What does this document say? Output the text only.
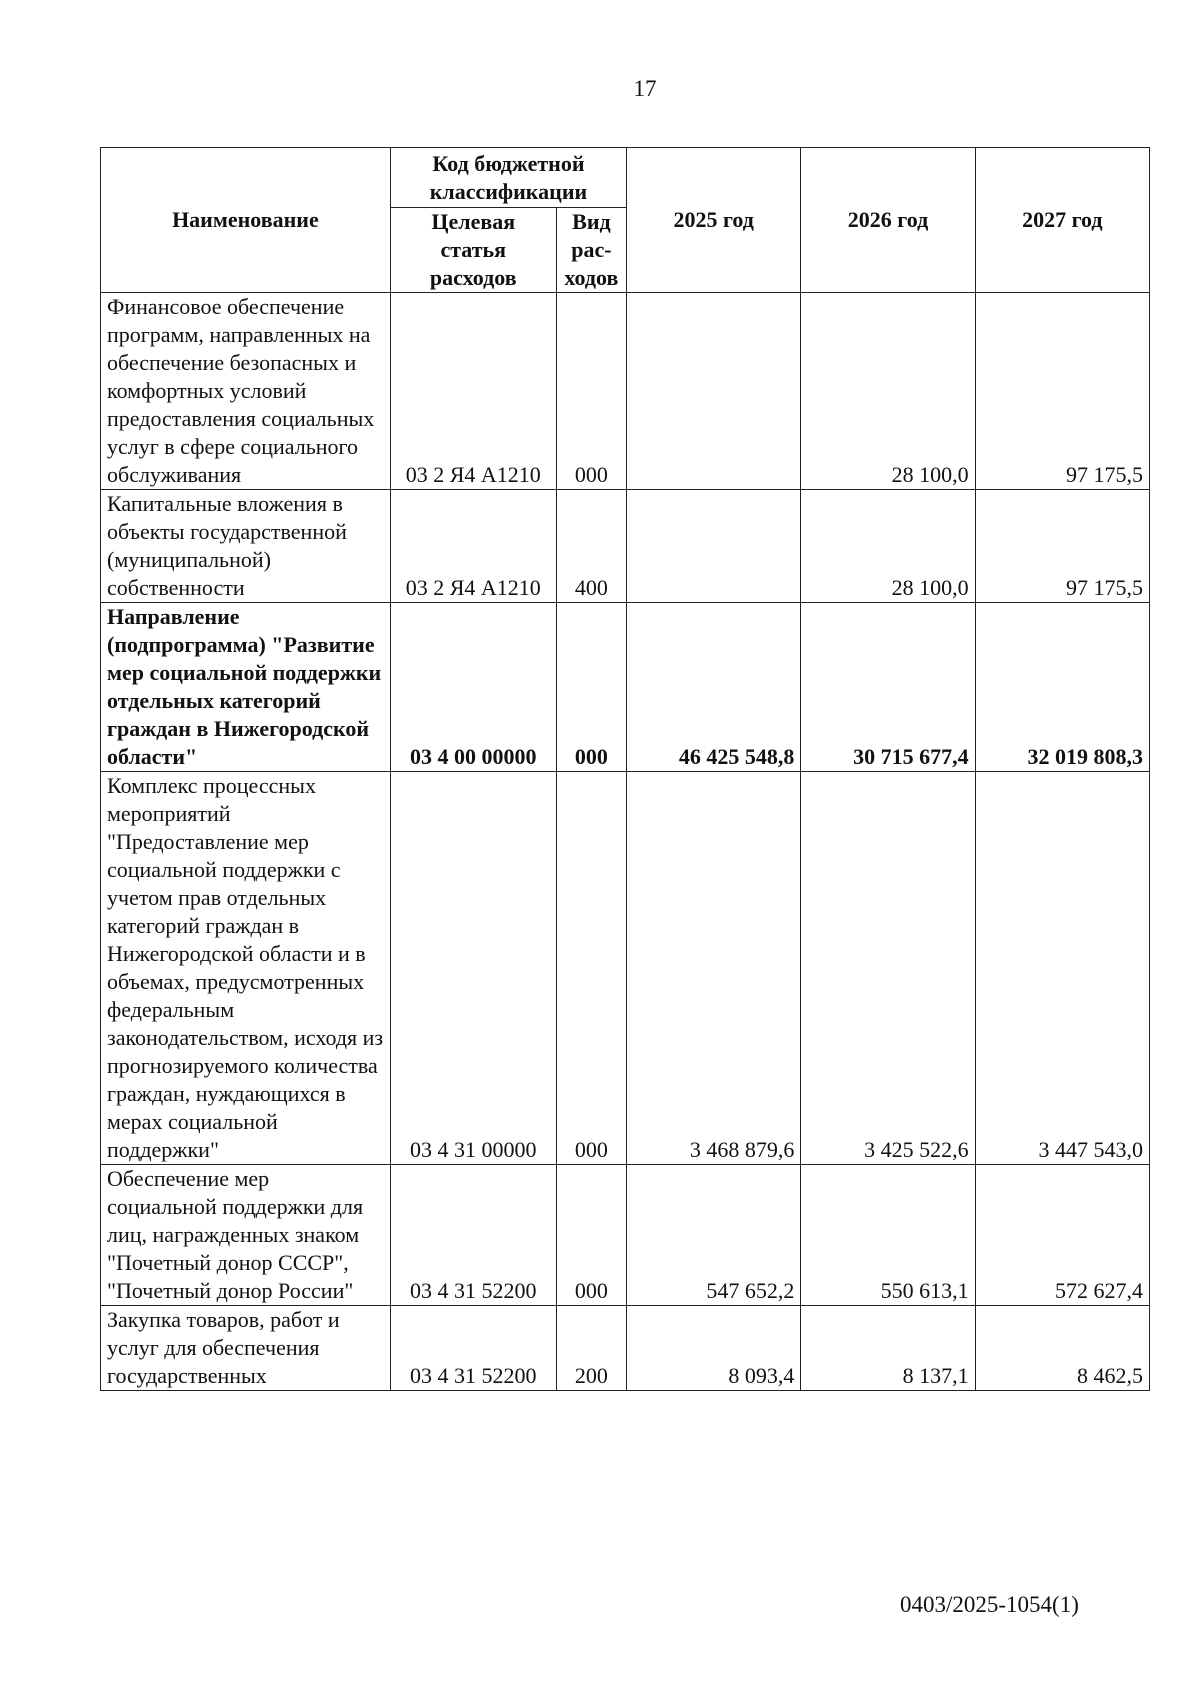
17
Наименование	Код бюджетной классификации		2025 год	2026 год	2027 год
	Целевая статья расходов	Вид рас-ходов			
Финансовое обеспечение программ, направленных на обеспечение безопасных и комфортных условий предоставления социальных услуг в сфере социального обслуживания	03 2 Я4 А1210	000		28 100,0	97 175,5
Капитальные вложения в объекты государственной (муниципальной) собственности	03 2 Я4 А1210	400		28 100,0	97 175,5
Направление (подпрограмма) "Развитие мер социальной поддержки отдельных категорий граждан в Нижегородской области"	03 4 00 00000	000	46 425 548,8	30 715 677,4	32 019 808,3
Комплекс процессных мероприятий "Предоставление мер социальной поддержки с учетом прав отдельных категорий граждан в Нижегородской области и в объемах, предусмотренных федеральным законодательством, исходя из прогнозируемого количества граждан, нуждающихся в мерах социальной поддержки"	03 4 31 00000	000	3 468 879,6	3 425 522,6	3 447 543,0
Обеспечение мер социальной поддержки для лиц, награжденных знаком "Почетный донор СССР", "Почетный донор России"	03 4 31 52200	000	547 652,2	550 613,1	572 627,4
Закупка товаров, работ и услуг для обеспечения государственных	03 4 31 52200	200	8 093,4	8 137,1	8 462,5
0403/2025-1054(1)
